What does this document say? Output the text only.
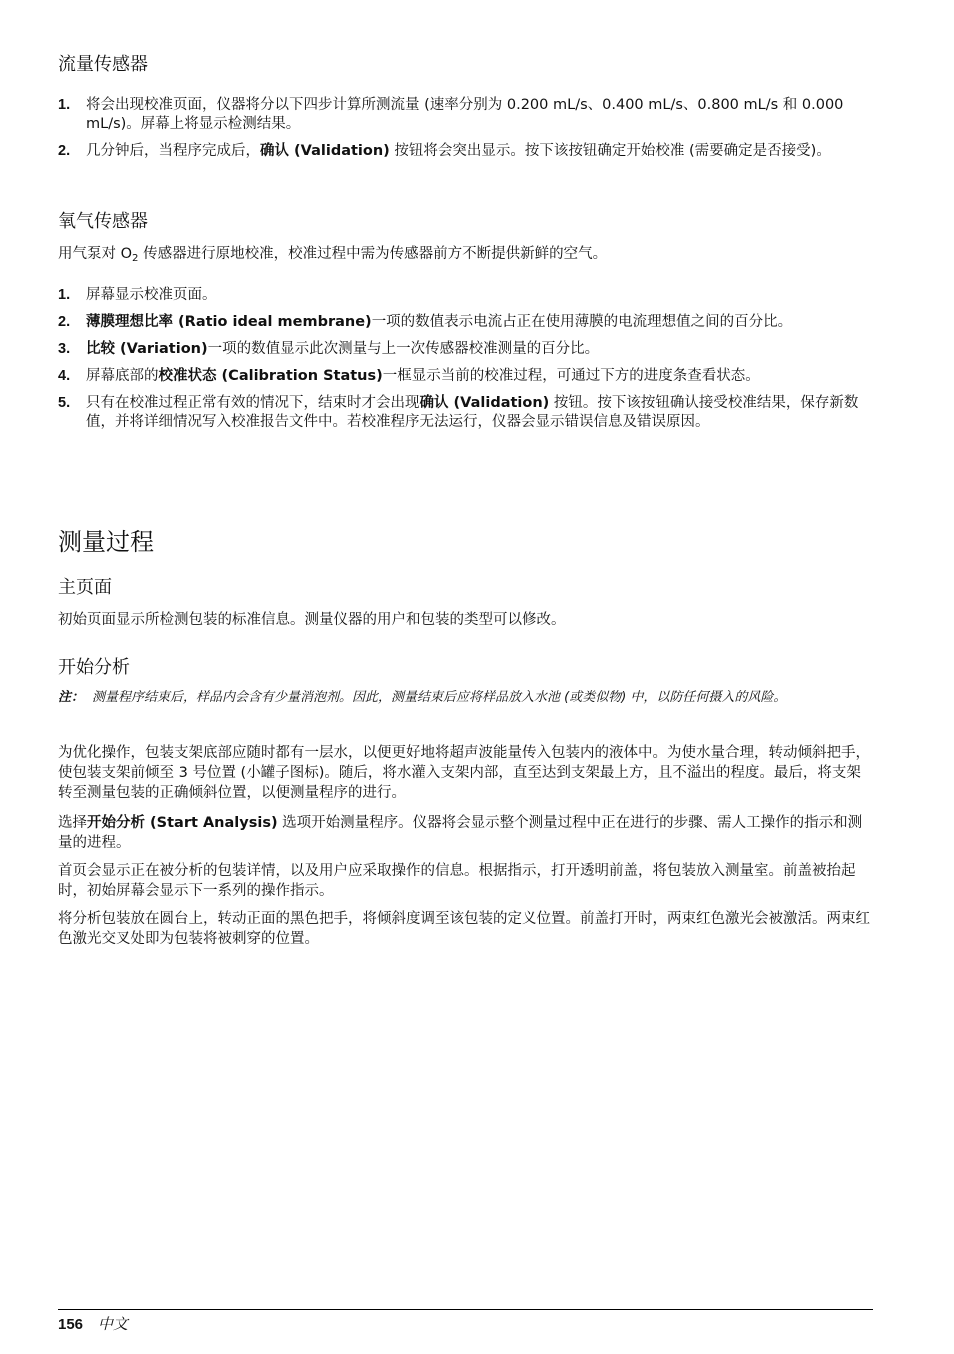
流量传感器
1. 将会出现校准页面，仪器将分以下四步计算所测流量 (速率分别为 0.200 mL/s、0.400 mL/s、0.800 mL/s 和 0.000 mL/s)。屏幕上将显示检测结果。
2. 几分钟后，当程序完成后，确认 (Validation) 按钮将会突出显示。按下该按钮确定开始校准 (需要确定是否接受)。
氧气传感器

用气泵对 $O_2$ 传感器进行原地校准，校准过程中需为传感器前方不断提供新鲜的空气。

1. 屏幕显示校准页面。
2. 薄膜理想比率 (Ratio ideal membrane)一项的数值表示电流占正在使用薄膜的电流理想值之间的百分比。
3. 比较 (Variation)一项的数值显示此次测量与上一次传感器校准测量的百分比。
4. 屏幕底部的校准状态 (Calibration Status)一框显示当前的校准过程，可通过下方的进度条查看状态。
5. 只有在校准过程正常有效的情况下，结束时才会出现确认 (Validation) 按钮。按下该按钮确认接受校准结果，保存新数值，并将详细情况写入校准报告文件中。若校准程序无法运行，仪器会显示错误信息及错误原因。
测量过程
主页面

初始页面显示所检测包装的标准信息。测量仪器的用户和包装的类型可以修改。

开始分析

注： 测量程序结束后，样品内会含有少量消泡剂。因此，测量结束后应将样品放入水池 (或类似物) 中，以防任何摄入的风险。

为优化操作，包装支架底部应随时都有一层水，以便更好地将超声波能量传入包装内的液体中。为使水量合理，转动倾斜把手，使包装支架前倾至 3 号位置 (小罐子图标)。随后，将水灌入支架内部，直至达到支架最上方，且不溢出的程度。最后，将支架转至测量包装的正确倾斜位置，以便测量程序的进行。

选择开始分析 (Start Analysis) 选项开始测量程序。仪器将会显示整个测量过程中正在进行的步骤、需人工操作的指示和测量的进程。

首页会显示正在被分析的包装详情，以及用户应采取操作的信息。根据指示，打开透明前盖，将包装放入测量室。前盖被抬起时，初始屏幕会显示下一系列的操作指示。

将分析包装放在圆台上，转动正面的黑色把手，将倾斜度调至该包装的定义位置。前盖打开时，两束红色激光会被激活。两束红色激光交叉处即为包装将被刺穿的位置。

156 中文
